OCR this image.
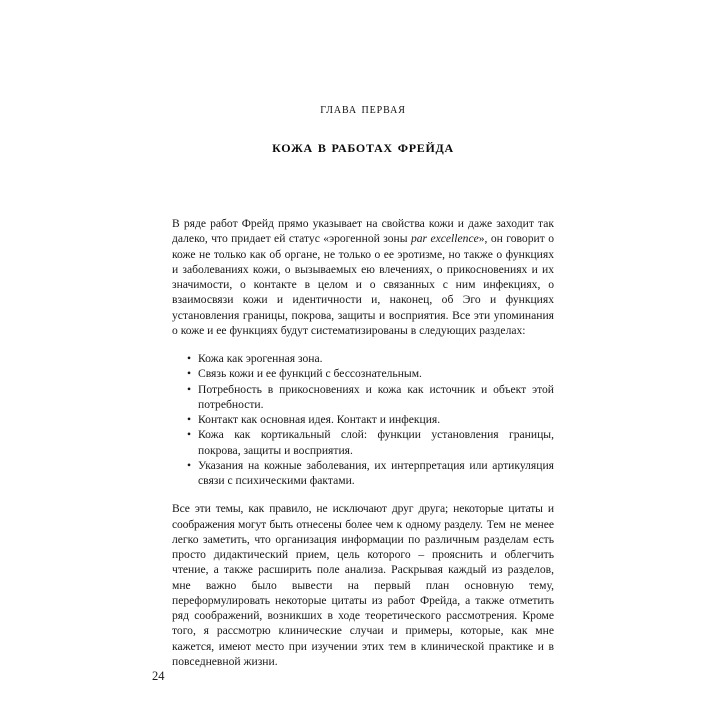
глава первая
кожа в работах фрейда

В ряде работ Фрейд прямо указывает на свойства кожи и даже заходит так далеко, что придает ей статус «эрогенной зоны par excellence», он говорит о коже не только как об органе, не только о ее эротизме, но также о функциях и заболеваниях кожи, о вызываемых ею влечениях, о прикосновениях и их значимости, о контакте в целом и о связанных с ним инфекциях, о взаимосвязи кожи и идентичности и, наконец, об Эго и функциях установления границы, покрова, защиты и восприятия. Все эти упоминания о коже и ее функциях будут систематизированы в следующих разделах:

• Кожа как эрогенная зона.
• Связь кожи и ее функций с бессознательным.
• Потребность в прикосновениях и кожа как источник и объект этой потребности.
• Контакт как основная идея. Контакт и инфекция.
• Кожа как кортикальный слой: функции установления границы, покрова, защиты и восприятия.
• Указания на кожные заболевания, их интерпретация или артикуляция связи с психическими фактами.

Все эти темы, как правило, не исключают друг друга; некоторые цитаты и соображения могут быть отнесены более чем к одному разделу. Тем не менее легко заметить, что организация информации по различным разделам есть просто дидактический прием, цель которого – прояснить и облегчить чтение, а также расширить поле анализа. Раскрывая каждый из разделов, мне важно было вывести на первый план основную тему, переформулировать некоторые цитаты из работ Фрейда, а также отметить ряд соображений, возникших в ходе теоретического рассмотрения. Кроме того, я рассмотрю клинические случаи и примеры, которые, как мне кажется, имеют место при изучении этих тем в клинической практике и в повседневной жизни.

24
